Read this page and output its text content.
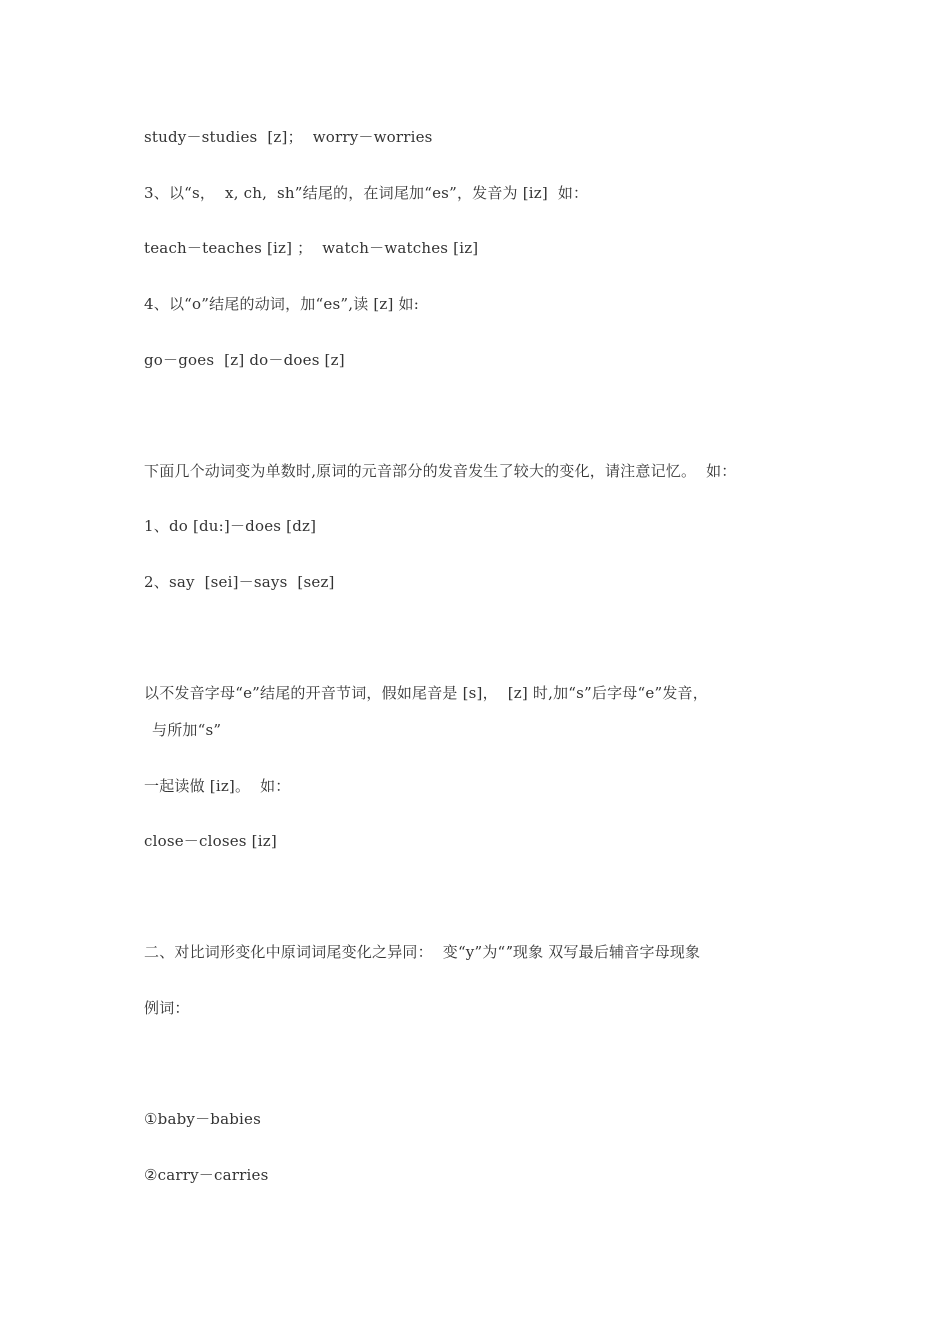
study－studies  [z]；  worry－worries
3、以“s，  x, ch,  sh”结尾的，在词尾加“es”，发音为 [iz]  如：
teach－teaches [iz] ；  watch－watches [iz]
4、以“o”结尾的动词，加“es”,读 [z] 如:
go－goes  [z] do－does [z]
下面几个动词变为单数时,原词的元音部分的发音发生了较大的变化，请注意记忆。  如：
1、do [du:]－does [dz]
2、say  [sei]－says  [sez]
以不发音字母“e”结尾的开音节词，假如尾音是 [s]，  [z] 时,加“s”后字母“e”发音，
与所加“s”
一起读做 [iz]。  如：
close－closes [iz]
二、对比词形变化中原词词尾变化之异同：  变“y”为“ˮ现象 双写最后辅音字母现象
例词：
①baby－babies
②carry－carries
